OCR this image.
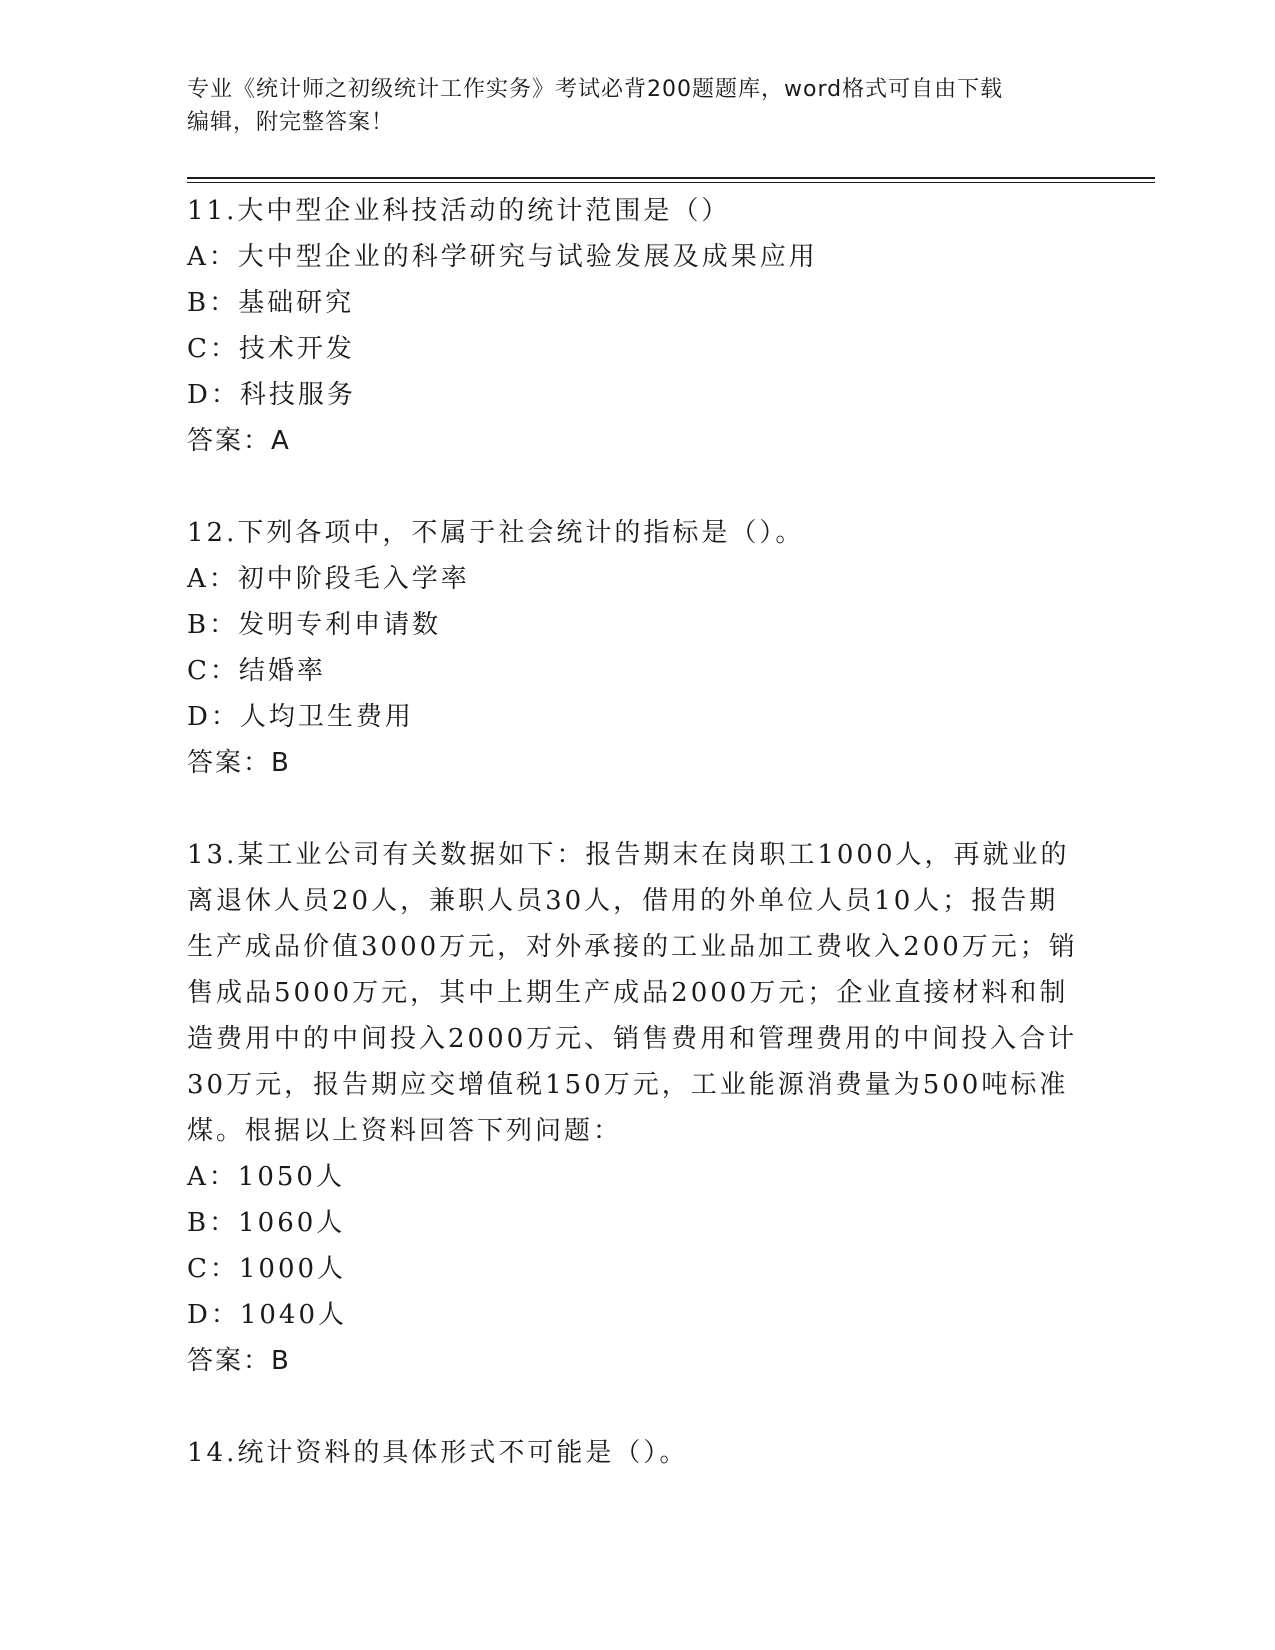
专业《统计师之初级统计工作实务》考试必背200题题库，word格式可自由下载
编辑，附完整答案！
11.大中型企业科技活动的统计范围是（）
A：大中型企业的科学研究与试验发展及成果应用
B：基础研究
C：技术开发
D：科技服务
答案：A
12.下列各项中，不属于社会统计的指标是（）。
A：初中阶段毛入学率
B：发明专利申请数
C：结婚率
D：人均卫生费用
答案：B
13.某工业公司有关数据如下：报告期末在岗职工1000人，再就业的
离退休人员20人，兼职人员30人，借用的外单位人员10人；报告期
生产成品价值3000万元，对外承接的工业品加工费收入200万元；销
售成品5000万元，其中上期生产成品2000万元；企业直接材料和制
造费用中的中间投入2000万元、销售费用和管理费用的中间投入合计
30万元，报告期应交增值税150万元，工业能源消费量为500吨标准
煤。根据以上资料回答下列问题：
A：1050人
B：1060人
C：1000人
D：1040人
答案：B
14.统计资料的具体形式不可能是（）。
